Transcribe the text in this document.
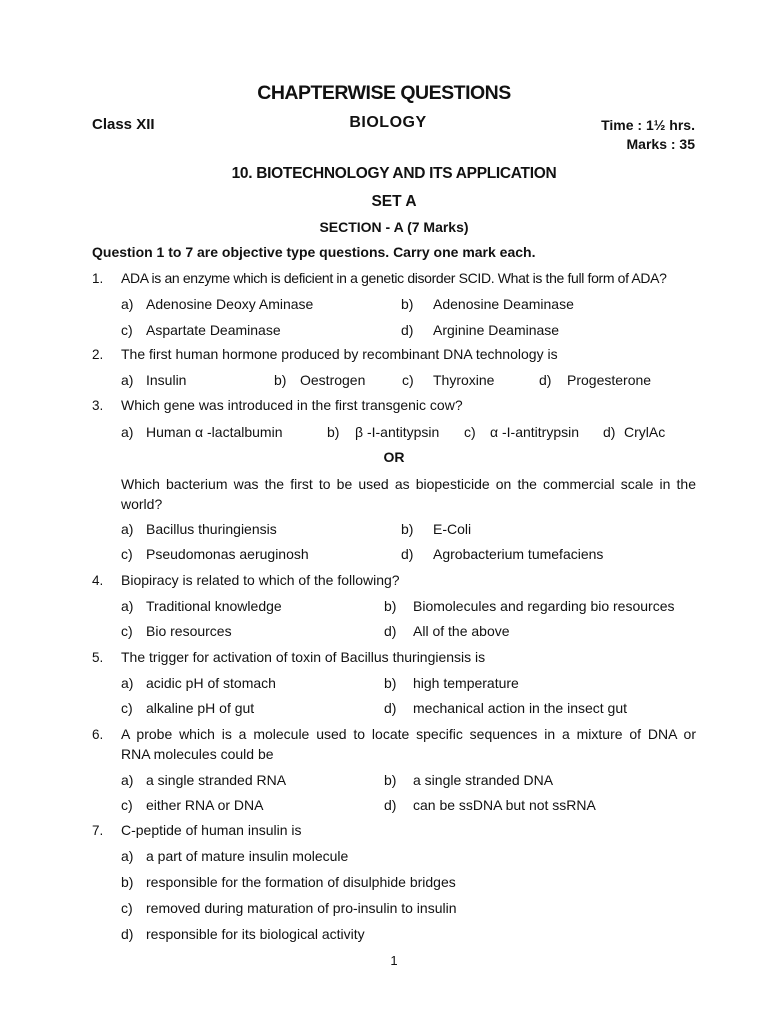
CHAPTERWISE QUESTIONS
Class XII	BIOLOGY	Time : 1½ hrs.
Marks : 35
10. BIOTECHNOLOGY AND ITS APPLICATION
SET A
SECTION - A (7 Marks)
Question 1 to 7 are objective type questions. Carry one mark each.
1. ADA is an enzyme which is deficient in a genetic disorder SCID. What is the full form of ADA?
a) Adenosine Deoxy Aminase	b) Adenosine Deaminase
c) Aspartate Deaminase	d) Arginine Deaminase
2. The first human hormone produced by recombinant DNA technology is
a) Insulin	b) Oestrogen	c) Thyroxine	d) Progesterone
3. Which gene was introduced in the first transgenic cow?
a) Human α -lactalbumin	b) β -I-antitypsin c) α -I-antitrypsin d) CrylAc
OR
Which bacterium was the first to be used as biopesticide on the commercial scale in the world?
a) Bacillus thuringiensis	b) E-Coli
c) Pseudomonas aeruginosh	d) Agrobacterium tumefaciens
4. Biopiracy is related to which of the following?
a) Traditional knowledge	b) Biomolecules and regarding bio resources
c) Bio resources	d) All of the above
5. The trigger for activation of toxin of Bacillus thuringiensis is
a) acidic pH of stomach	b) high temperature
c) alkaline pH of gut	d) mechanical action in the insect gut
6. A probe which is a molecule used to locate specific sequences in a mixture of DNA or
RNA molecules could be
a) a single stranded RNA	b) a single stranded DNA
c) either RNA or DNA	d) can be ssDNA but not ssRNA
7. C-peptide of human insulin is
a) a part of mature insulin molecule
b) responsible for the formation of disulphide bridges
c) removed during maturation of pro-insulin to insulin
d) responsible for its biological activity
1
